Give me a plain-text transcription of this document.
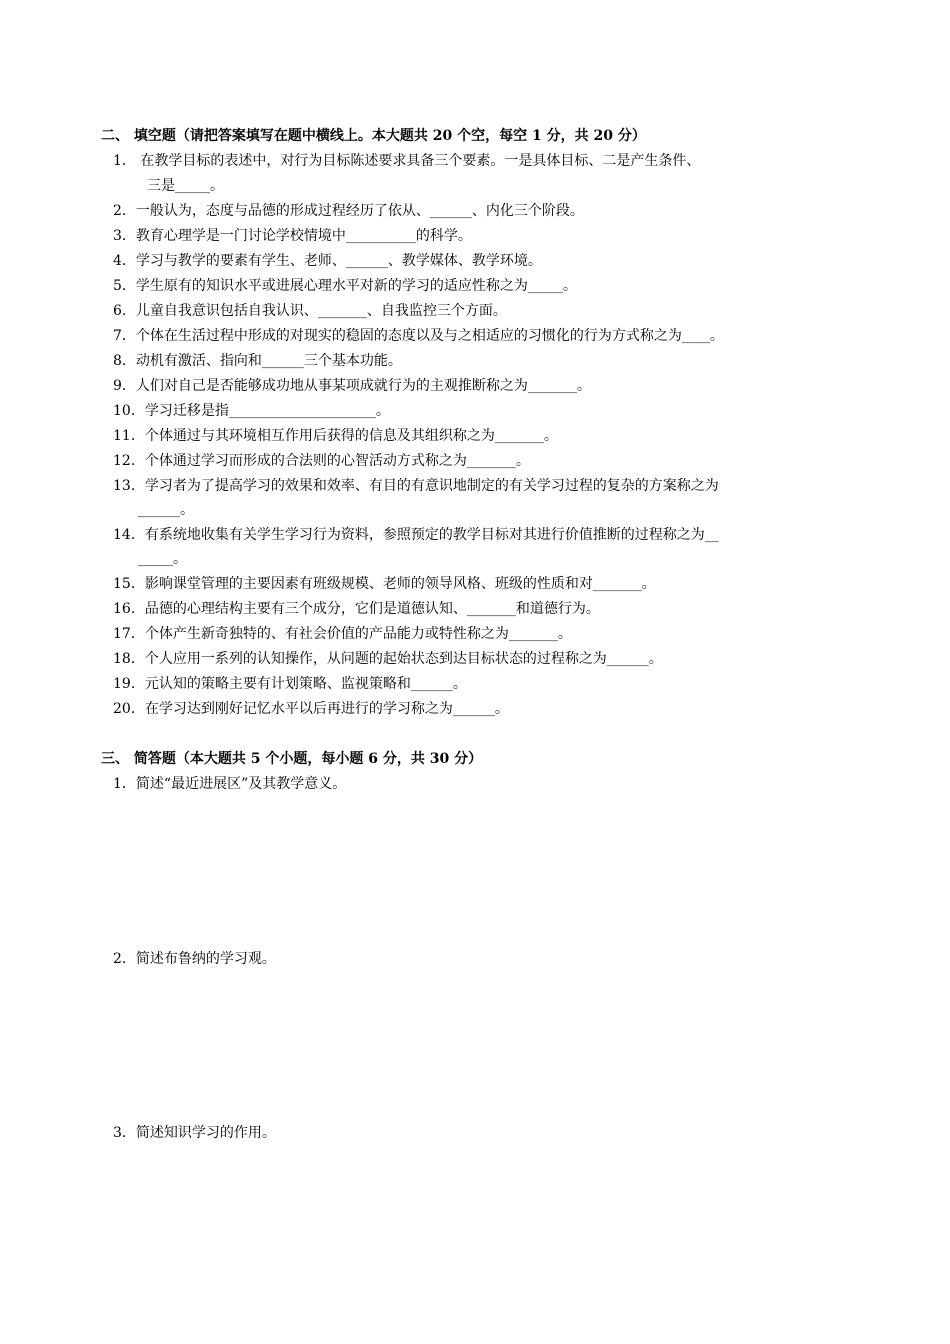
二、 填空题（请把答案填写在题中横线上。本大题共 20 个空，每空 1 分，共 20 分）
1． 在教学目标的表述中，对行为目标陈述要求具备三个要素。一是具体目标、二是产生条件、
三是_____。
2．一般认为，态度与品德的形成过程经历了依从、______、内化三个阶段。
3．教育心理学是一门讨论学校情境中__________的科学。
4．学习与教学的要素有学生、老师、______、教学媒体、教学环境。
5．学生原有的知识水平或进展心理水平对新的学习的适应性称之为_____。
6．儿童自我意识包括自我认识、_______、自我监控三个方面。
7．个体在生活过程中形成的对现实的稳固的态度以及与之相适应的习惯化的行为方式称之为____。
8．动机有激活、指向和______三个基本功能。
9．人们对自己是否能够成功地从事某项成就行为的主观推断称之为_______。
10．学习迁移是指_____________________。
11．个体通过与其环境相互作用后获得的信息及其组织称之为_______。
12．个体通过学习而形成的合法则的心智活动方式称之为_______。
13．学习者为了提高学习的效果和效率、有目的有意识地制定的有关学习过程的复杂的方案称之为
______。
14．有系统地收集有关学生学习行为资料，参照预定的教学目标对其进行价值推断的过程称之为__
_____。
15．影响课堂管理的主要因素有班级规模、老师的领导风格、班级的性质和对_______。
16．品德的心理结构主要有三个成分，它们是道德认知、_______和道德行为。
17．个体产生新奇独特的、有社会价值的产品能力或特性称之为_______。
18．个人应用一系列的认知操作，从问题的起始状态到达目标状态的过程称之为______。
19．元认知的策略主要有计划策略、监视策略和______。
20．在学习达到刚好记忆水平以后再进行的学习称之为______。
三、 简答题（本大题共 5 个小题，每小题 6 分，共 30 分）
1．简述“最近进展区”及其教学意义。
2．简述布鲁纳的学习观。
3．简述知识学习的作用。
